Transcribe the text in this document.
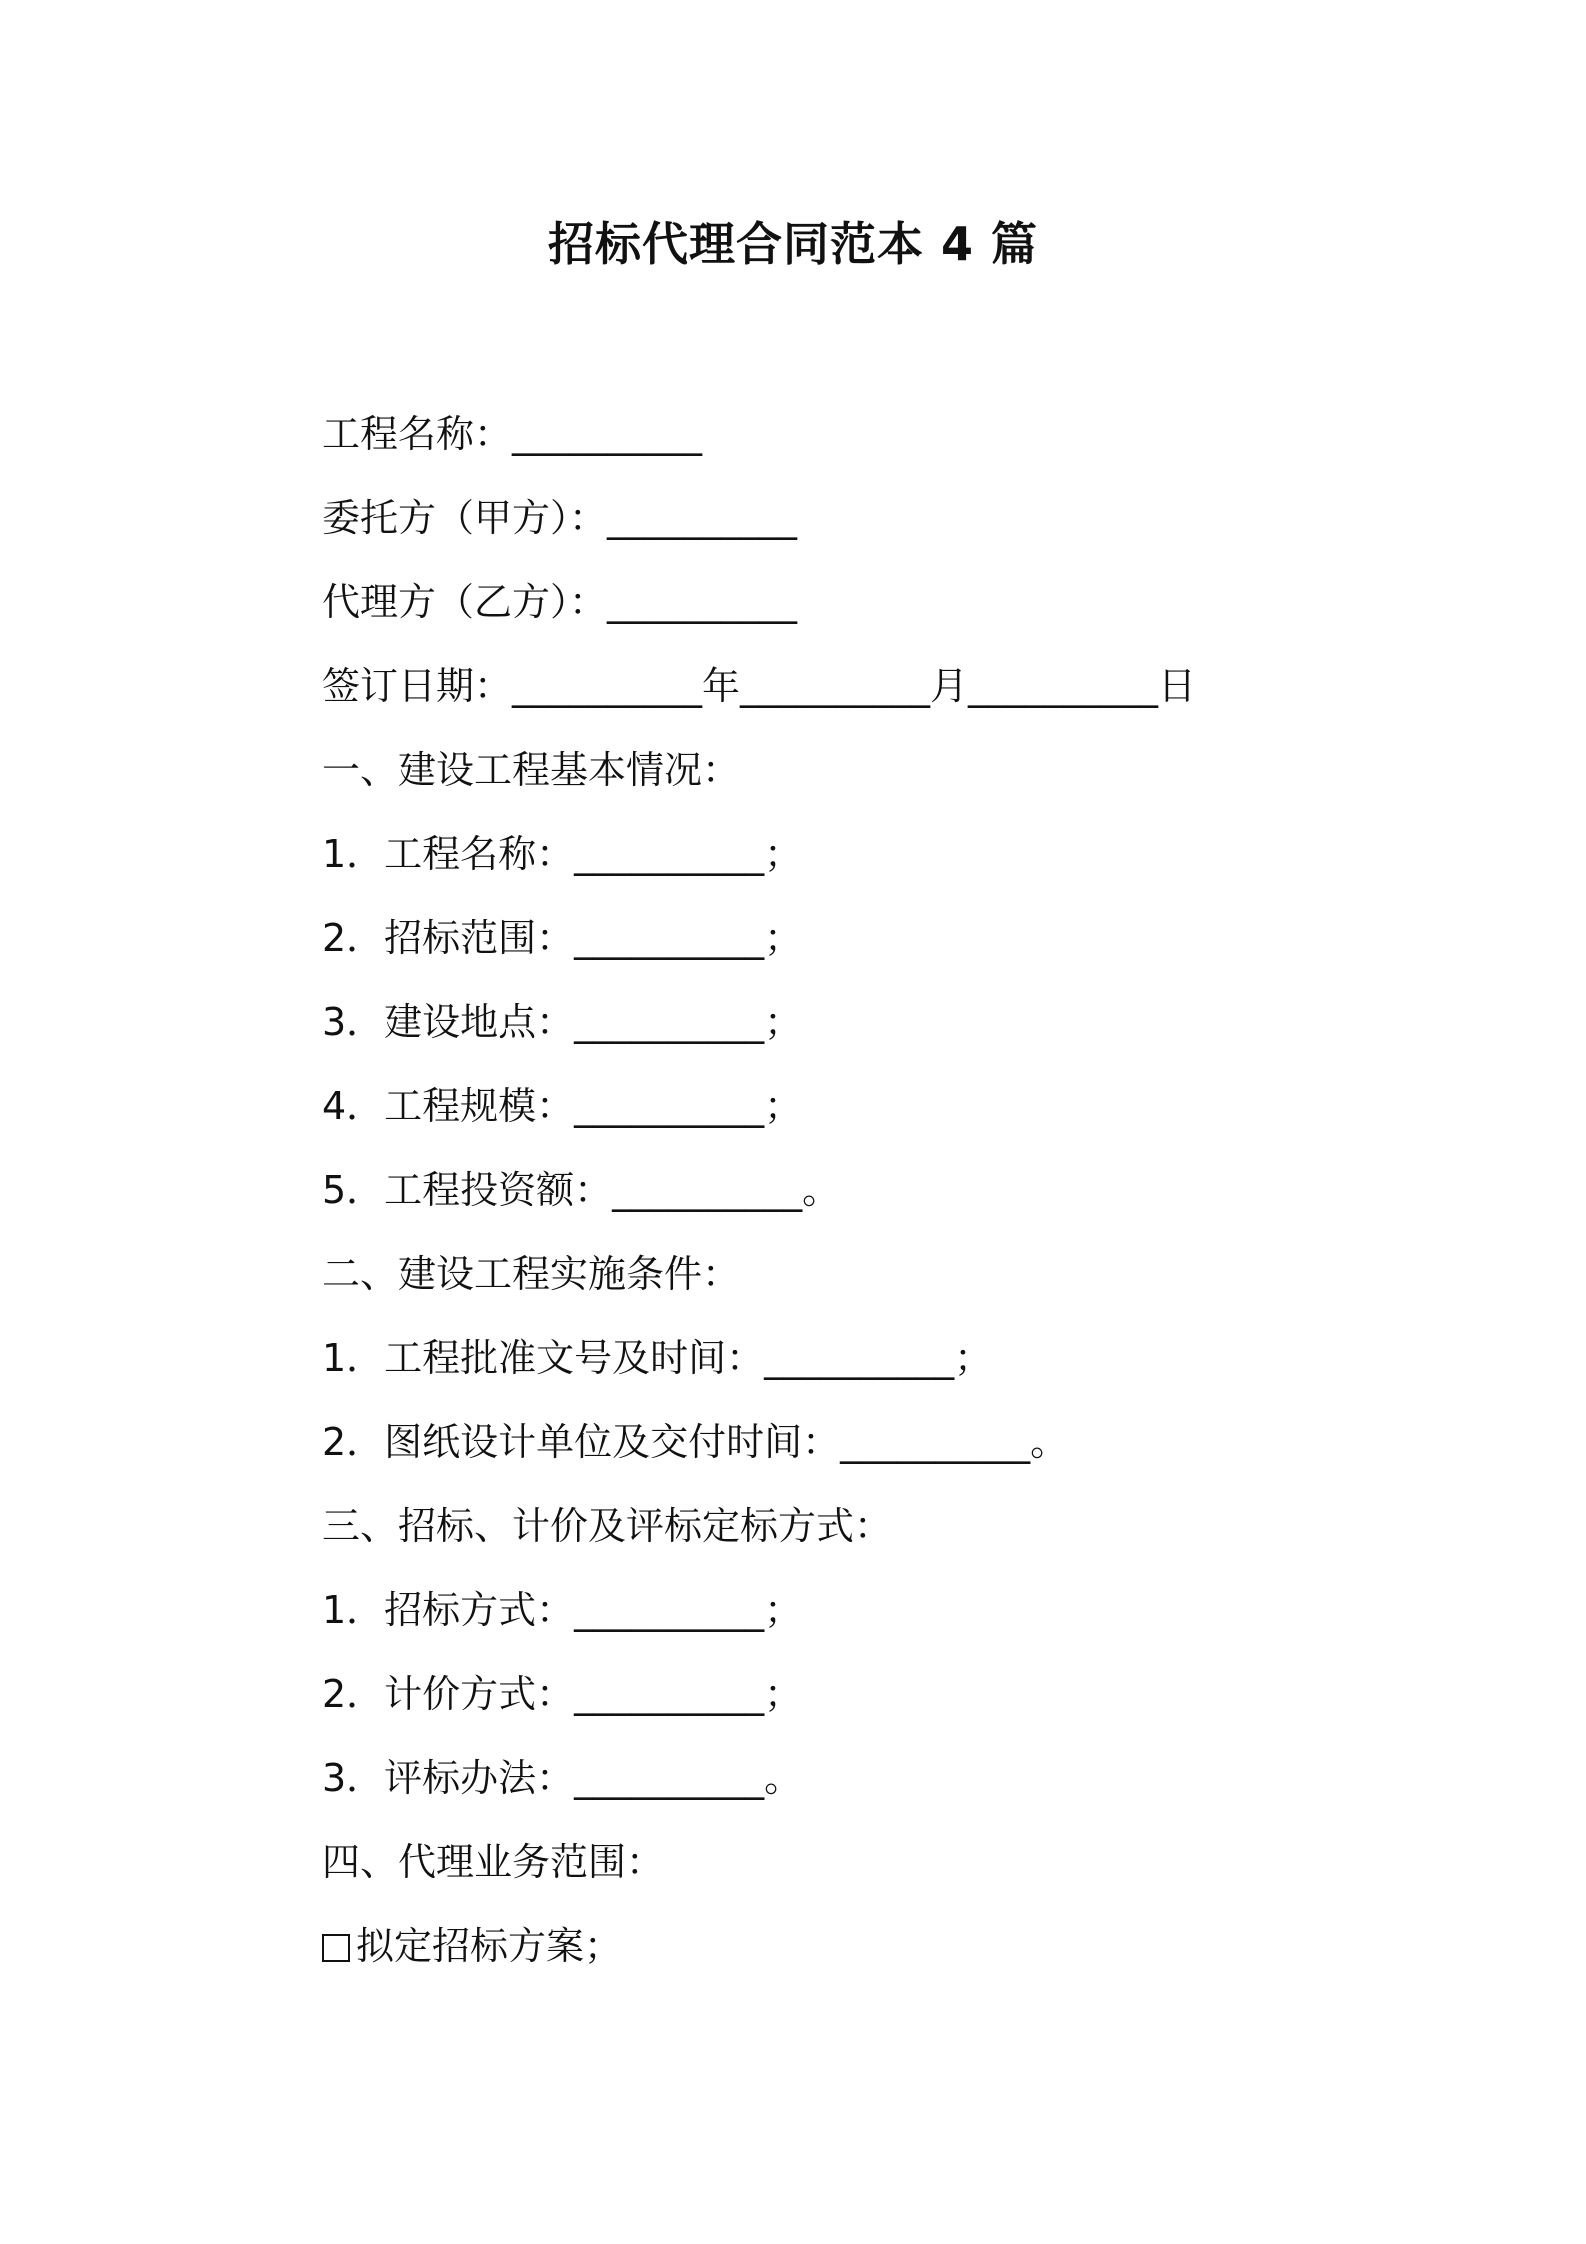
招标代理合同范本 4 篇
工程名称：__________
委托方（甲方）：__________
代理方（乙方）：__________
签订日期：__________年__________月__________日
一、建设工程基本情况：
1．工程名称：__________；
2．招标范围：__________；
3．建设地点：__________；
4．工程规模：__________；
5．工程投资额：__________。
二、建设工程实施条件：
1．工程批准文号及时间：__________；
2．图纸设计单位及交付时间：__________。
三、招标、计价及评标定标方式：
1．招标方式：__________；
2．计价方式：__________；
3．评标办法：__________。
四、代理业务范围：
拟定招标方案；
